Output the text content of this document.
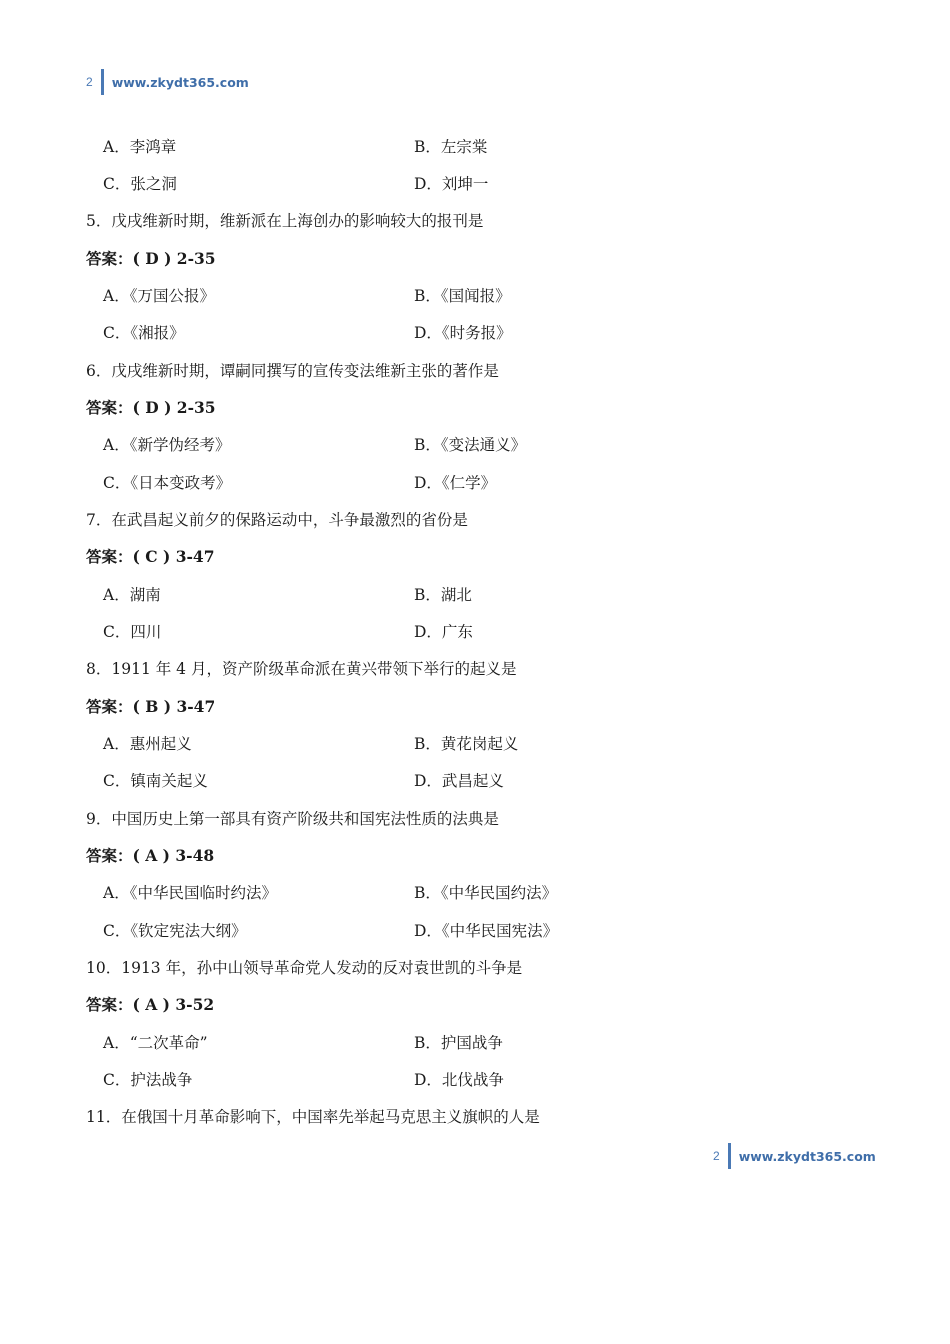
2 www.zkydt365.com
A．李鸿章	B．左宗棠
C．张之洞	D．刘坤一
5．戊戌维新时期，维新派在上海创办的影响较大的报刊是
答案：( D ) 2-35
A．《万国公报》	B．《国闻报》
C．《湘报》	D．《时务报》
6．戊戌维新时期，谭嗣同撰写的宣传变法维新主张的著作是
答案：( D ) 2-35
A．《新学伪经考》	B．《变法通义》
C．《日本变政考》	D．《仁学》
7．在武昌起义前夕的保路运动中，斗争最激烈的省份是
答案：( C ) 3-47
A．湖南	B．湖北
C．四川	D．广东
8．1911 年 4 月，资产阶级革命派在黄兴带领下举行的起义是
答案：( B ) 3-47
A．惠州起义	B．黄花岗起义
C．镇南关起义	D．武昌起义
9．中国历史上第一部具有资产阶级共和国宪法性质的法典是
答案：( A ) 3-48
A．《中华民国临时约法》	B．《中华民国约法》
C．《钦定宪法大纲》	D．《中华民国宪法》
10．1913 年，孙中山领导革命党人发动的反对袁世凯的斗争是
答案：( A ) 3-52
A．“二次革命”	B．护国战争
C．护法战争	D．北伐战争
11．在俄国十月革命影响下，中国率先举起马克思主义旗帜的人是
2 www.zkydt365.com
